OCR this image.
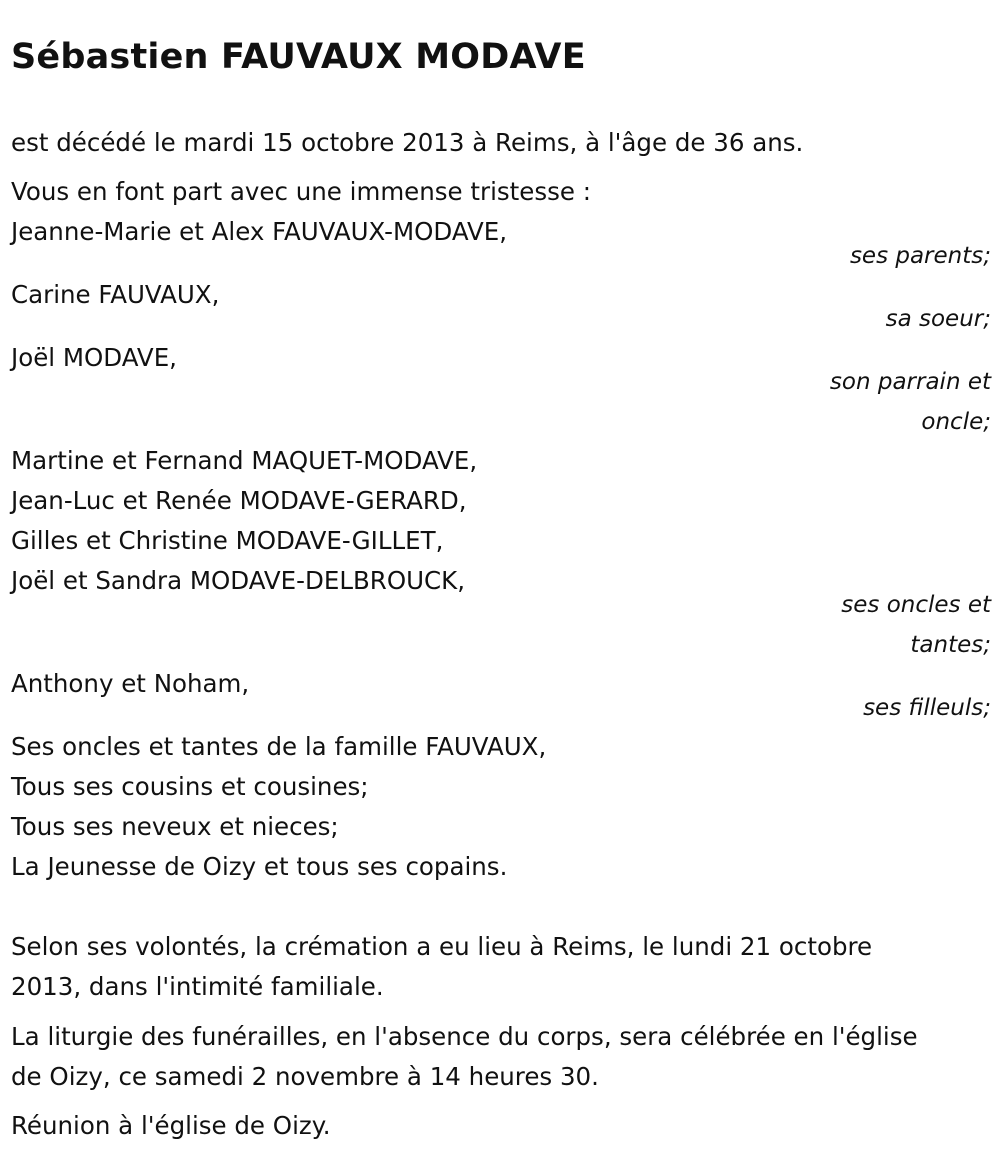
Sébastien FAUVAUX MODAVE
est décédé le mardi 15 octobre 2013 à Reims, à l'âge de 36 ans.
Vous en font part avec une immense tristesse :
Jeanne-Marie et Alex FAUVAUX-MODAVE,
ses parents;
Carine FAUVAUX,
sa soeur;
Joël MODAVE,
son parrain et
oncle;
Martine et Fernand MAQUET-MODAVE,
Jean-Luc et Renée MODAVE-GERARD,
Gilles et Christine MODAVE-GILLET,
Joël et Sandra MODAVE-DELBROUCK,
ses oncles et
tantes;
Anthony et Noham,
ses filleuls;
Ses oncles et tantes de la famille FAUVAUX,
Tous ses cousins et cousines;
Tous ses neveux et nieces;
La Jeunesse de Oizy et tous ses copains.
Selon ses volontés, la crémation a eu lieu à Reims, le lundi 21 octobre
2013, dans l'intimité familiale.
La liturgie des funérailles, en l'absence du corps, sera célébrée en l'église
de Oizy, ce samedi 2 novembre à 14 heures 30.
Réunion à l'église de Oizy.
